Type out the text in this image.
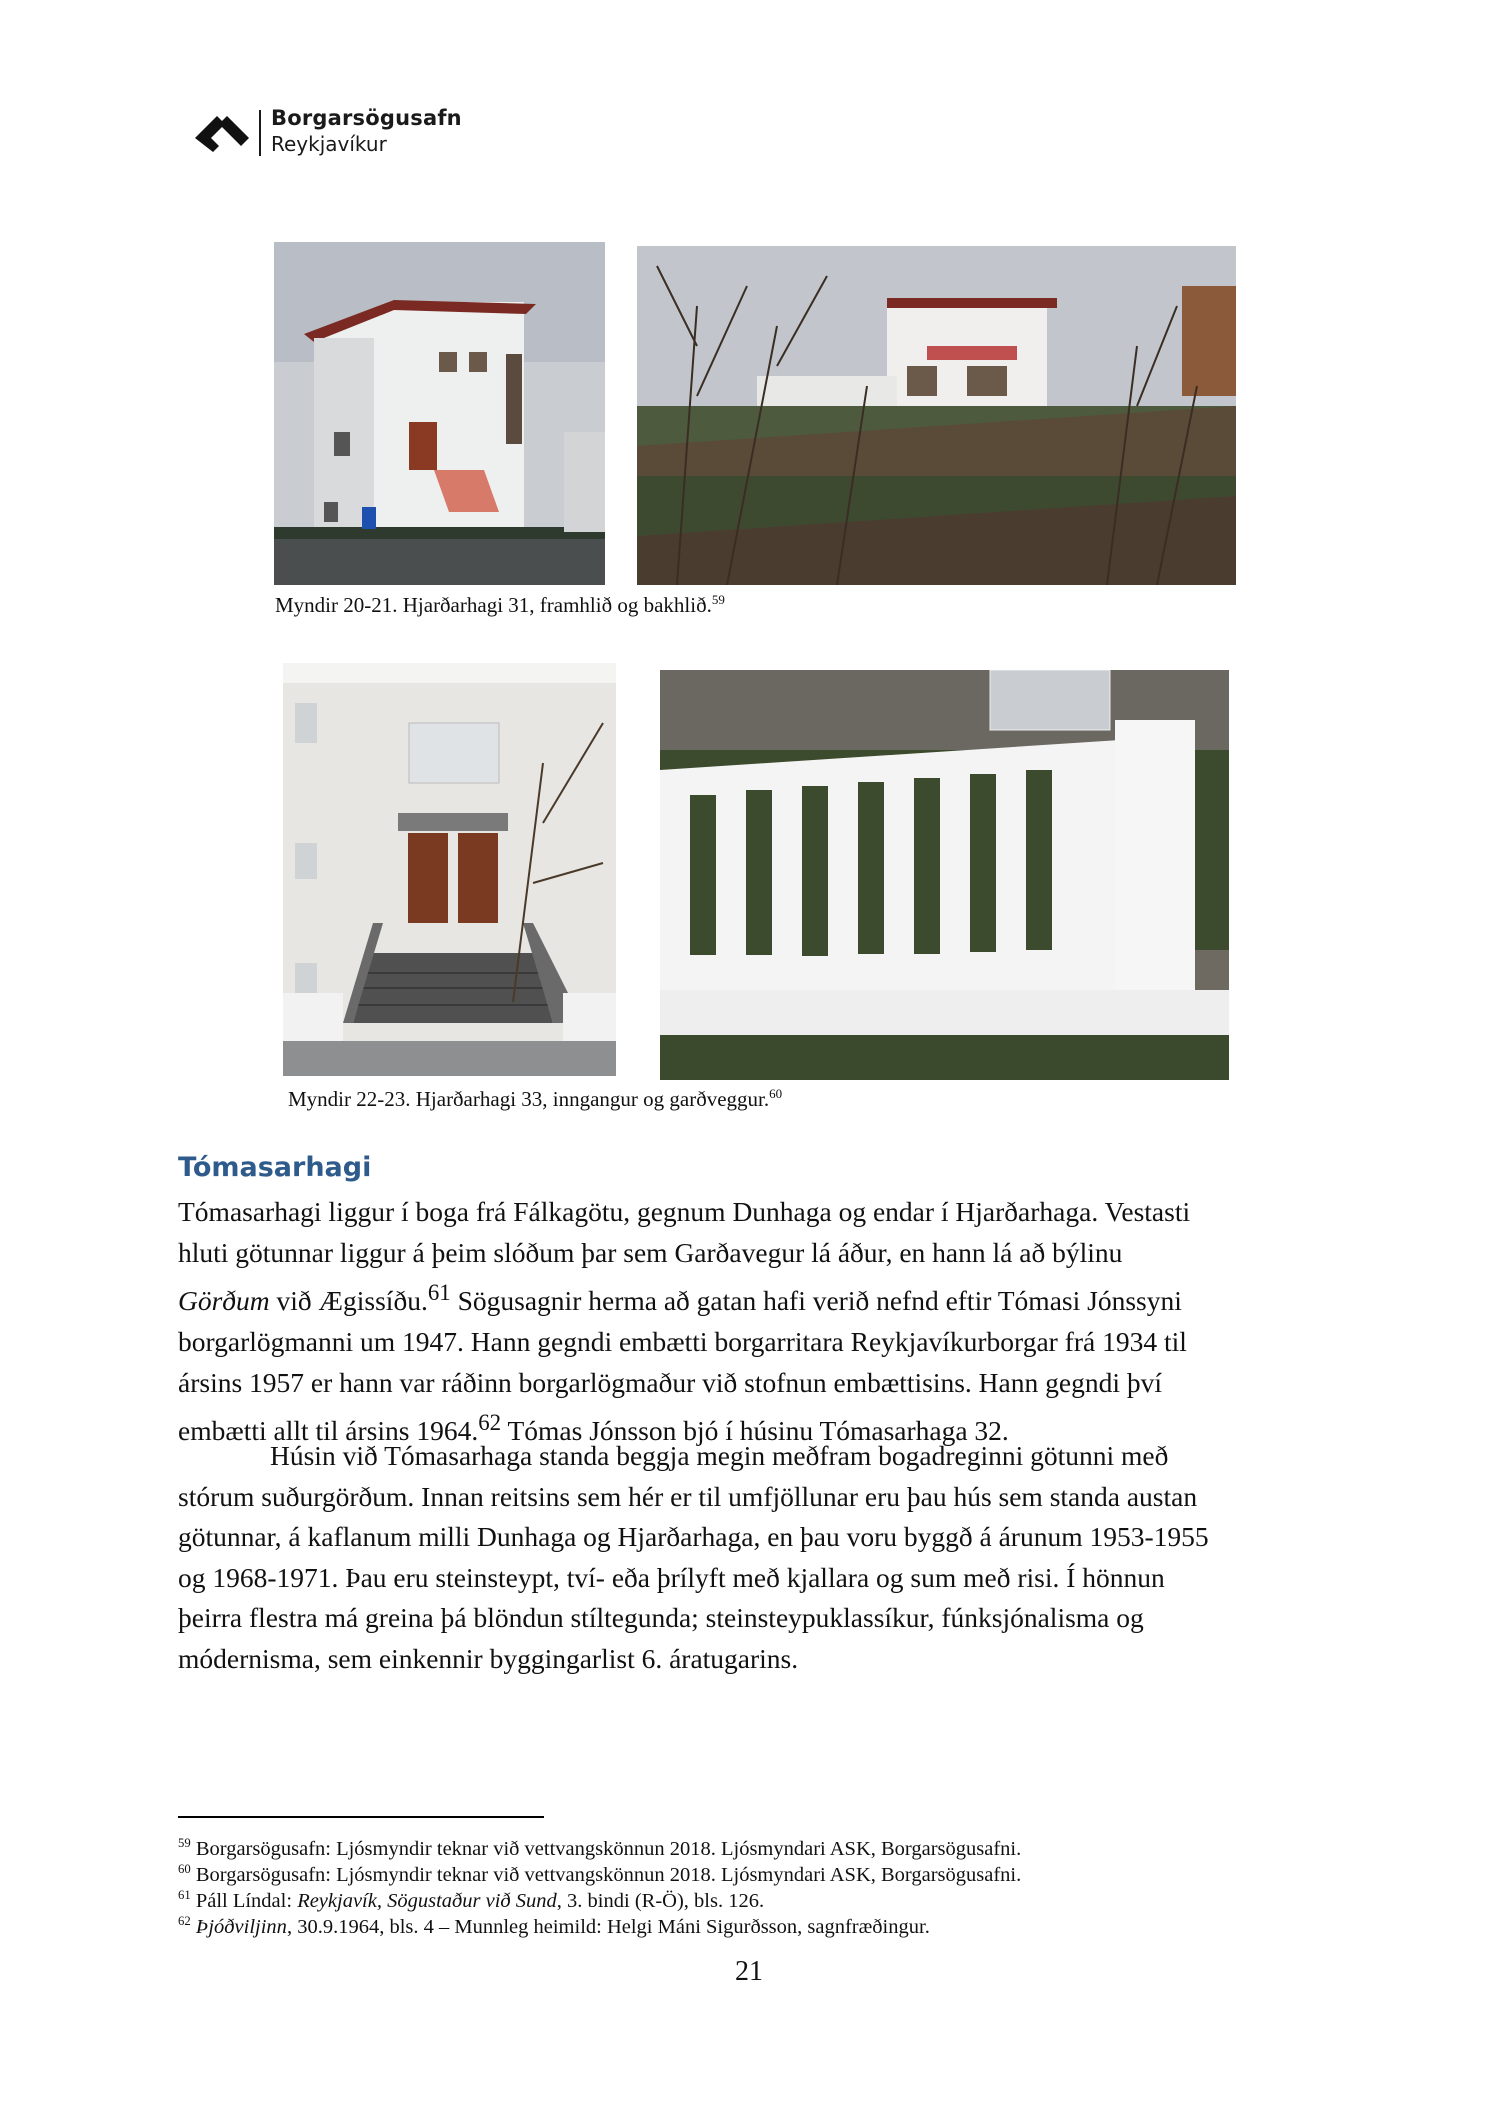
Borgarsögusafn
Reykjavíkur
Myndir 20-21. Hjarðarhagi 31, framhlið og bakhlið.$^{59}$
Myndir 22-23. Hjarðarhagi 33, inngangur og garðveggur.$^{60}$
Tómasarhagi
Tómasarhagi liggur í boga frá Fálkagötu, gegnum Dunhaga og endar í Hjarðarhaga. Vestasti
hluti götunnar liggur á þeim slóðum þar sem Garðavegur lá áður, en hann lá að býlinu
Görðum við Ægissíðu.$^{61}$ Sögusagnir herma að gatan hafi verið nefnd eftir Tómasi Jónssyni
borgarlögmanni um 1947. Hann gegndi embætti borgarritara Reykjavíkurborgar frá 1934 til
ársins 1957 er hann var ráðinn borgarlögmaður við stofnun embættisins. Hann gegndi því
embætti allt til ársins 1964.62 Tómas Jónsson bjó í húsinu Tómasarhaga 32.
Húsin við Tómasarhaga standa beggja megin meðfram bogadreginni götunni með
stórum suðurgörðum. Innan reitsins sem hér er til umfjöllunar eru þau hús sem standa austan
götunnar, á kaflanum milli Dunhaga og Hjarðarhaga, en þau voru byggð á árunum 1953-1955
og 1968-1971. Þau eru steinsteypt, tví- eða þrílyft með kjallara og sum með risi. Í hönnun
þeirra flestra má greina þá blöndun stíltegunda; steinsteypuklassíkur, fúnksjónalisma og
módernisma, sem einkennir byggingarlist 6. áratugarins.
$^{59}$ Borgarsögusafn: Ljósmyndir teknar við vettvangskönnun 2018. Ljósmyndari ASK, Borgarsögusafni.
$^{60}$ Borgarsögusafn: Ljósmyndir teknar við vettvangskönnun 2018. Ljósmyndari ASK, Borgarsögusafni.
$^{61}$ Páll Líndal: Reykjavík, Sögustaður við Sund, 3. bindi (R-Ö), bls. 126.
$^{62}$ Þjóðviljinn, 30.9.1964, bls. 4 – Munnleg heimild: Helgi Máni Sigurðsson, sagnfræðingur.
21
